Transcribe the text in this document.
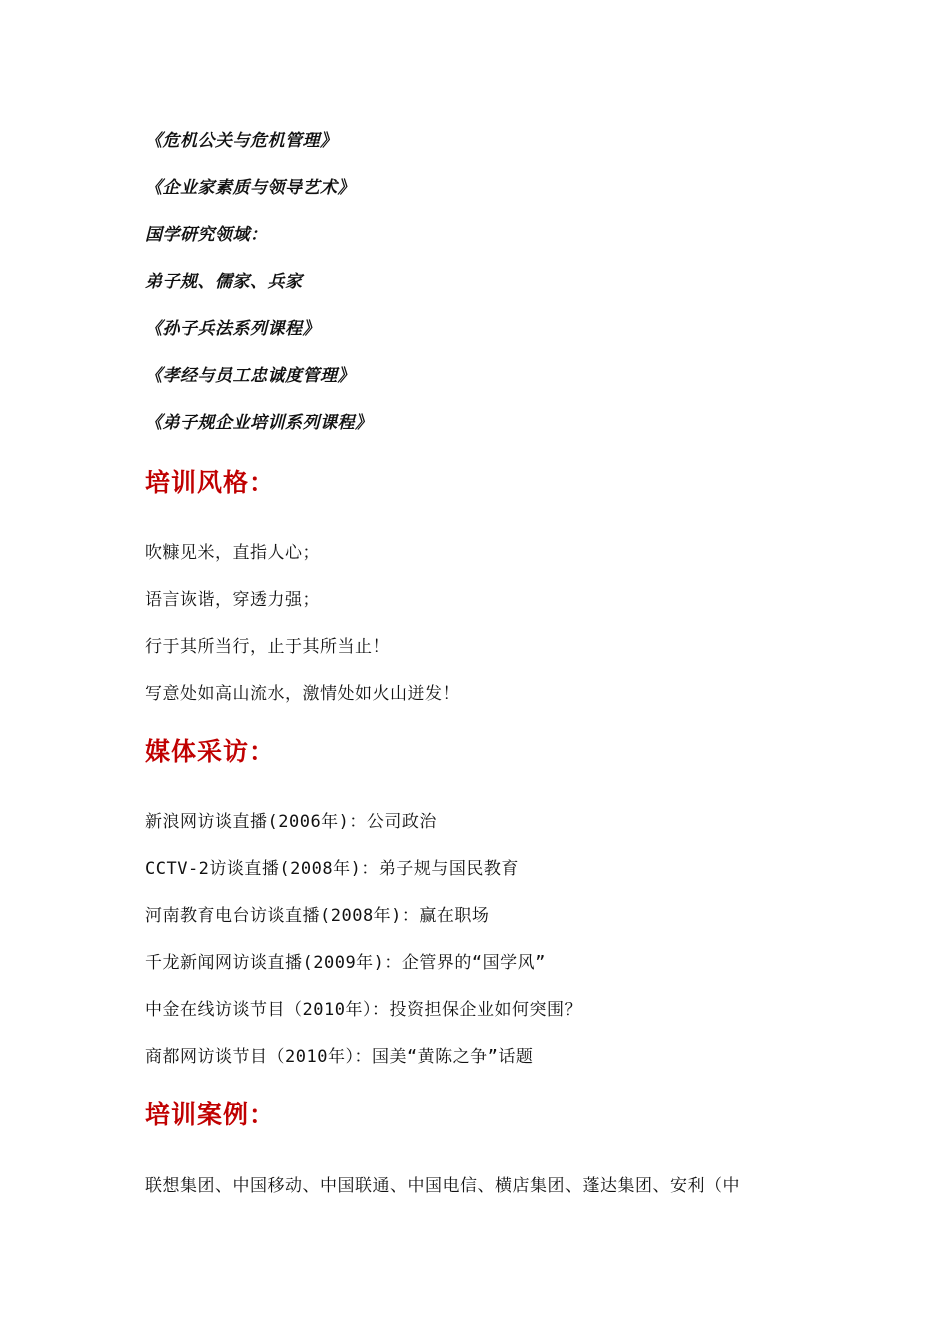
《危机公关与危机管理》
《企业家素质与领导艺术》
国学研究领域：
弟子规、儒家、兵家
《孙子兵法系列课程》
《孝经与员工忠诚度管理》
《弟子规企业培训系列课程》
培训风格：
吹糠见米，直指人心；
语言诙谐，穿透力强；
行于其所当行，止于其所当止！
写意处如高山流水，激情处如火山迸发！
媒体采访：
新浪网访谈直播(2006年)：公司政治
CCTV-2访谈直播(2008年)：弟子规与国民教育
河南教育电台访谈直播(2008年)：赢在职场
千龙新闻网访谈直播(2009年)：企管界的“国学风”
中金在线访谈节目（2010年）：投资担保企业如何突围？
商都网访谈节目（2010年）：国美“黄陈之争”话题
培训案例：
联想集团、中国移动、中国联通、中国电信、横店集团、蓬达集团、安利（中
